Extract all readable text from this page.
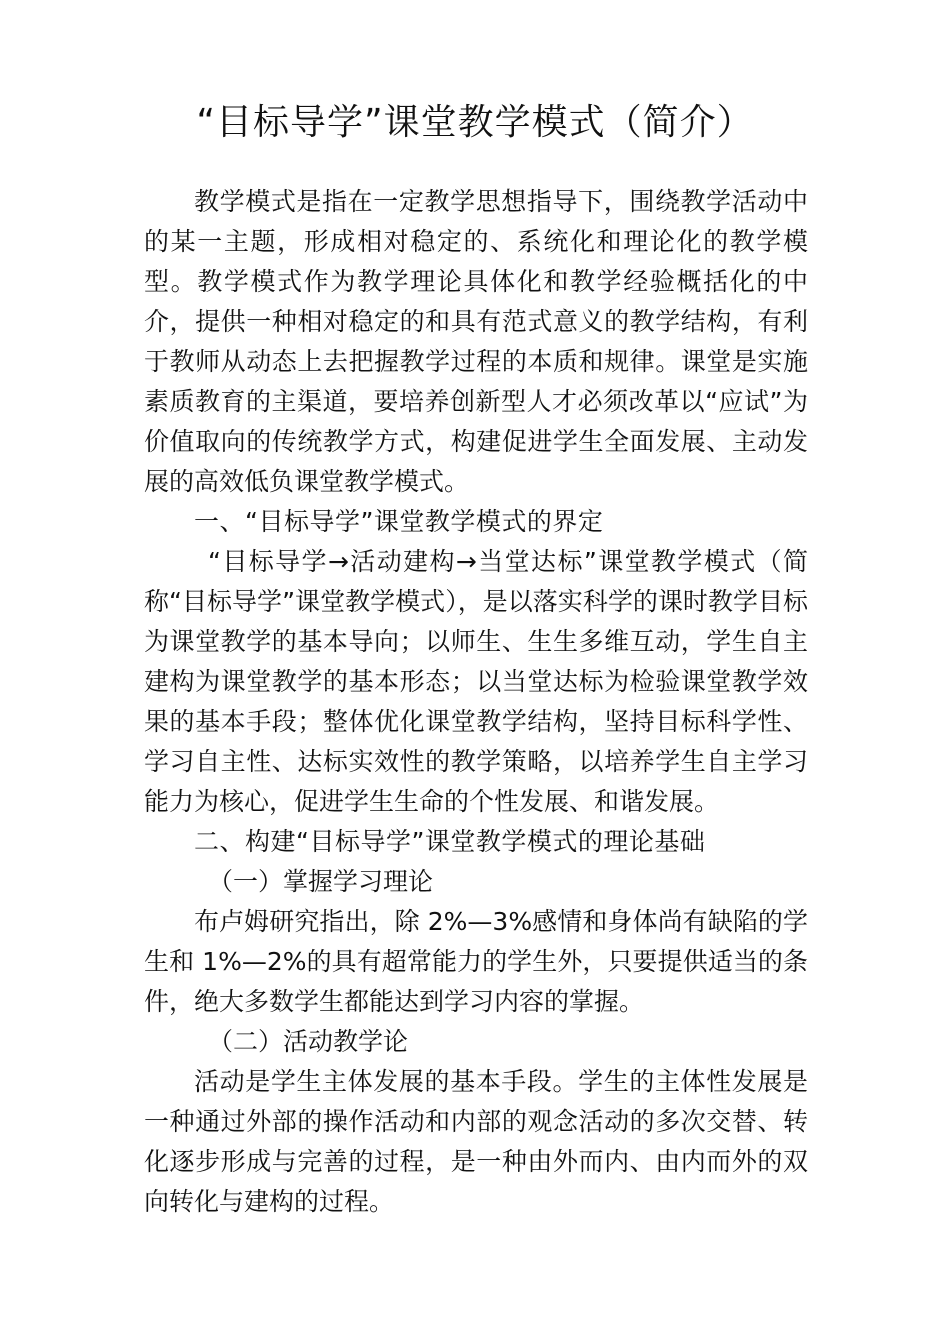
“目标导学”课堂教学模式（简介）

教学模式是指在一定教学思想指导下，围绕教学活动中的某一主题，形成相对稳定的、系统化和理论化的教学模型。教学模式作为教学理论具体化和教学经验概括化的中介，提供一种相对稳定的和具有范式意义的教学结构，有利于教师从动态上去把握教学过程的本质和规律。课堂是实施素质教育的主渠道，要培养创新型人才必须改革以“应试”为价值取向的传统教学方式，构建促进学生全面发展、主动发展的高效低负课堂教学模式。

一、“目标导学”课堂教学模式的界定

“目标导学→活动建构→当堂达标”课堂教学模式（简称“目标导学”课堂教学模式），是以落实科学的课时教学目标为课堂教学的基本导向；以师生、生生多维互动，学生自主建构为课堂教学的基本形态；以当堂达标为检验课堂教学效果的基本手段；整体优化课堂教学结构，坚持目标科学性、学习自主性、达标实效性的教学策略，以培养学生自主学习能力为核心，促进学生生命的个性发展、和谐发展。

二、构建“目标导学”课堂教学模式的理论基础

（一）掌握学习理论

布卢姆研究指出，除 2%—3%感情和身体尚有缺陷的学生和 1%—2%的具有超常能力的学生外，只要提供适当的条件，绝大多数学生都能达到学习内容的掌握。

（二）活动教学论

活动是学生主体发展的基本手段。学生的主体性发展是一种通过外部的操作活动和内部的观念活动的多次交替、转化逐步形成与完善的过程，是一种由外而内、由内而外的双向转化与建构的过程。
